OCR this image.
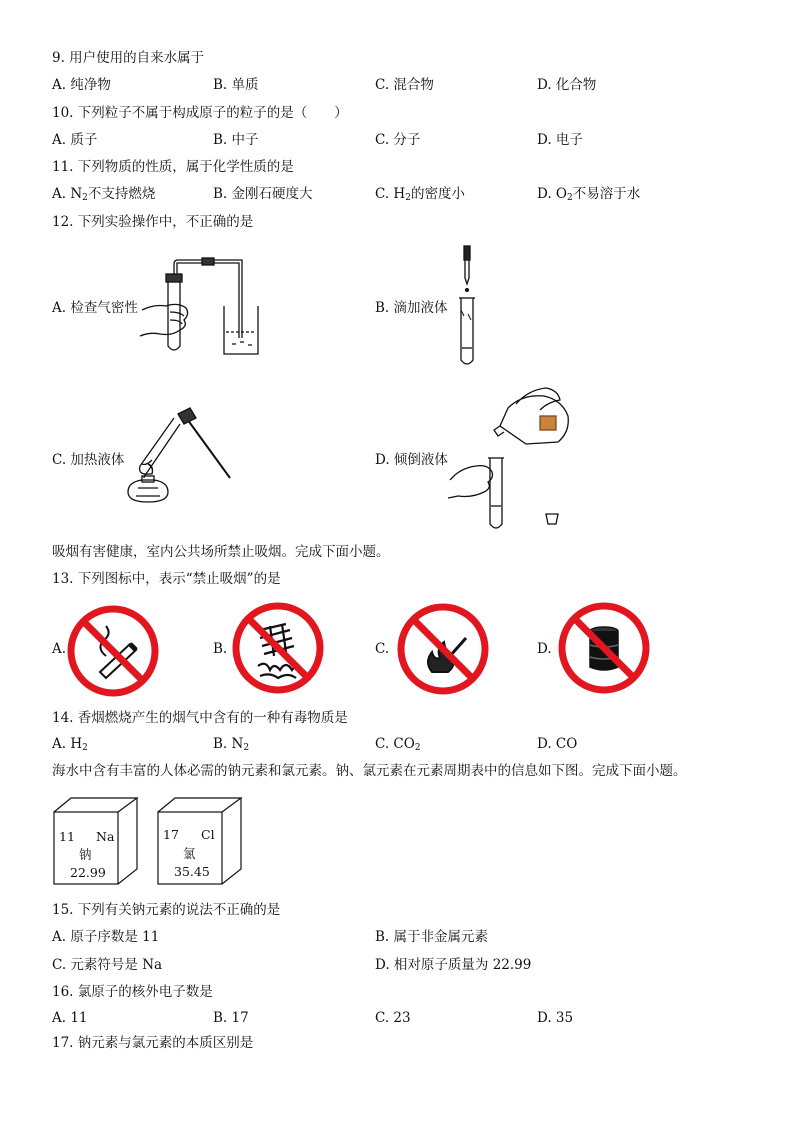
9. 用户使用的自来水属于
A. 纯净物	B. 单质	C. 混合物	D. 化合物
10. 下列粒子不属于构成原子的粒子的是（　　）
A. 质子	B. 中子	C. 分子	D. 电子
11. 下列物质的性质，属于化学性质的是
A. $N_2$不支持燃烧	B. 金刚石硬度大	C. $H_2$的密度小	D. $O_2$不易溶于水
12. 下列实验操作中，不正确的是
A. 检查气密性	B. 滴加液体
C. 加热液体	D. 倾倒液体
吸烟有害健康，室内公共场所禁止吸烟。完成下面小题。
13. 下列图标中，表示“禁止吸烟”的是
A.	B.	C.	D.
14. 香烟燃烧产生的烟气中含有的一种有毒物质是
A. $H_2$	B. $N_2$	C. $CO_2$	D. CO
海水中含有丰富的人体必需的钠元素和氯元素。钠、氯元素在元素周期表中的信息如下图。完成下面小题。
11 Na
钠
22.99
17 Cl
氯
35.45
15. 下列有关钠元素的说法不正确的是
A. 原子序数是 11	B. 属于非金属元素
C. 元素符号是 Na	D. 相对原子质量为 22.99
16. 氯原子的核外电子数是
A. 11	B. 17	C. 23	D. 35
17. 钠元素与氯元素的本质区别是
